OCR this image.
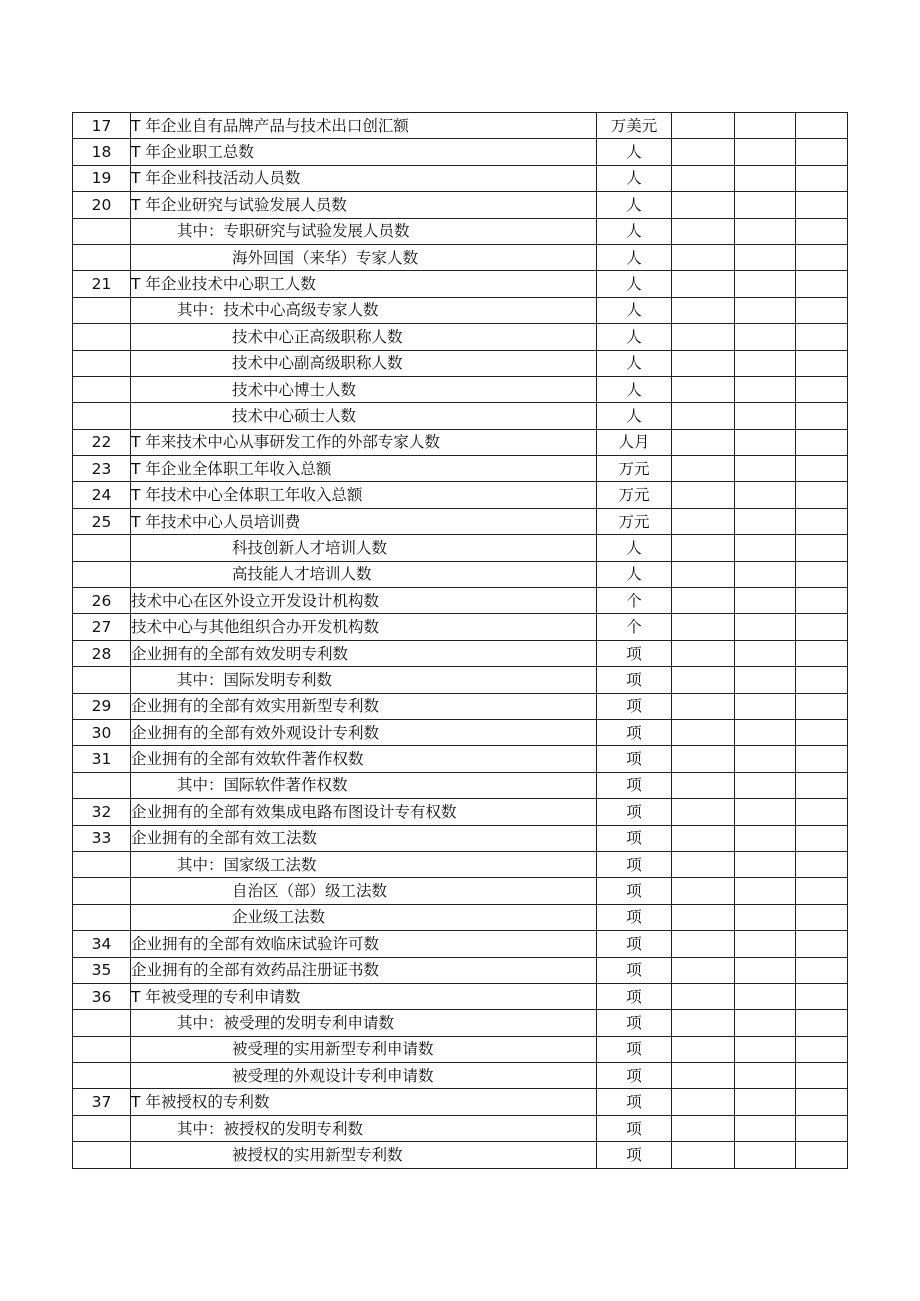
17	T 年企业自有品牌产品与技术出口创汇额	万美元			
18	T 年企业职工总数	人			
19	T 年企业科技活动人员数	人			
20	T 年企业研究与试验发展人员数	人			
	其中：专职研究与试验发展人员数	人			
	海外回国（来华）专家人数	人			
21	T 年企业技术中心职工人数	人			
	其中：技术中心高级专家人数	人			
	技术中心正高级职称人数	人			
	技术中心副高级职称人数	人			
	技术中心博士人数	人			
	技术中心硕士人数	人			
22	T 年来技术中心从事研发工作的外部专家人数	人月			
23	T 年企业全体职工年收入总额	万元			
24	T 年技术中心全体职工年收入总额	万元			
25	T 年技术中心人员培训费	万元			
	科技创新人才培训人数	人			
	高技能人才培训人数	人			
26	技术中心在区外设立开发设计机构数	个			
27	技术中心与其他组织合办开发机构数	个			
28	企业拥有的全部有效发明专利数	项			
	其中：国际发明专利数	项			
29	企业拥有的全部有效实用新型专利数	项			
30	企业拥有的全部有效外观设计专利数	项			
31	企业拥有的全部有效软件著作权数	项			
	其中：国际软件著作权数	项			
32	企业拥有的全部有效集成电路布图设计专有权数	项			
33	企业拥有的全部有效工法数	项			
	其中：国家级工法数	项			
	自治区（部）级工法数	项			
	企业级工法数	项			
34	企业拥有的全部有效临床试验许可数	项			
35	企业拥有的全部有效药品注册证书数	项			
36	T 年被受理的专利申请数	项			
	其中：被受理的发明专利申请数	项			
	被受理的实用新型专利申请数	项			
	被受理的外观设计专利申请数	项			
37	T 年被授权的专利数	项			
	其中：被授权的发明专利数	项			
	被授权的实用新型专利数	项			
